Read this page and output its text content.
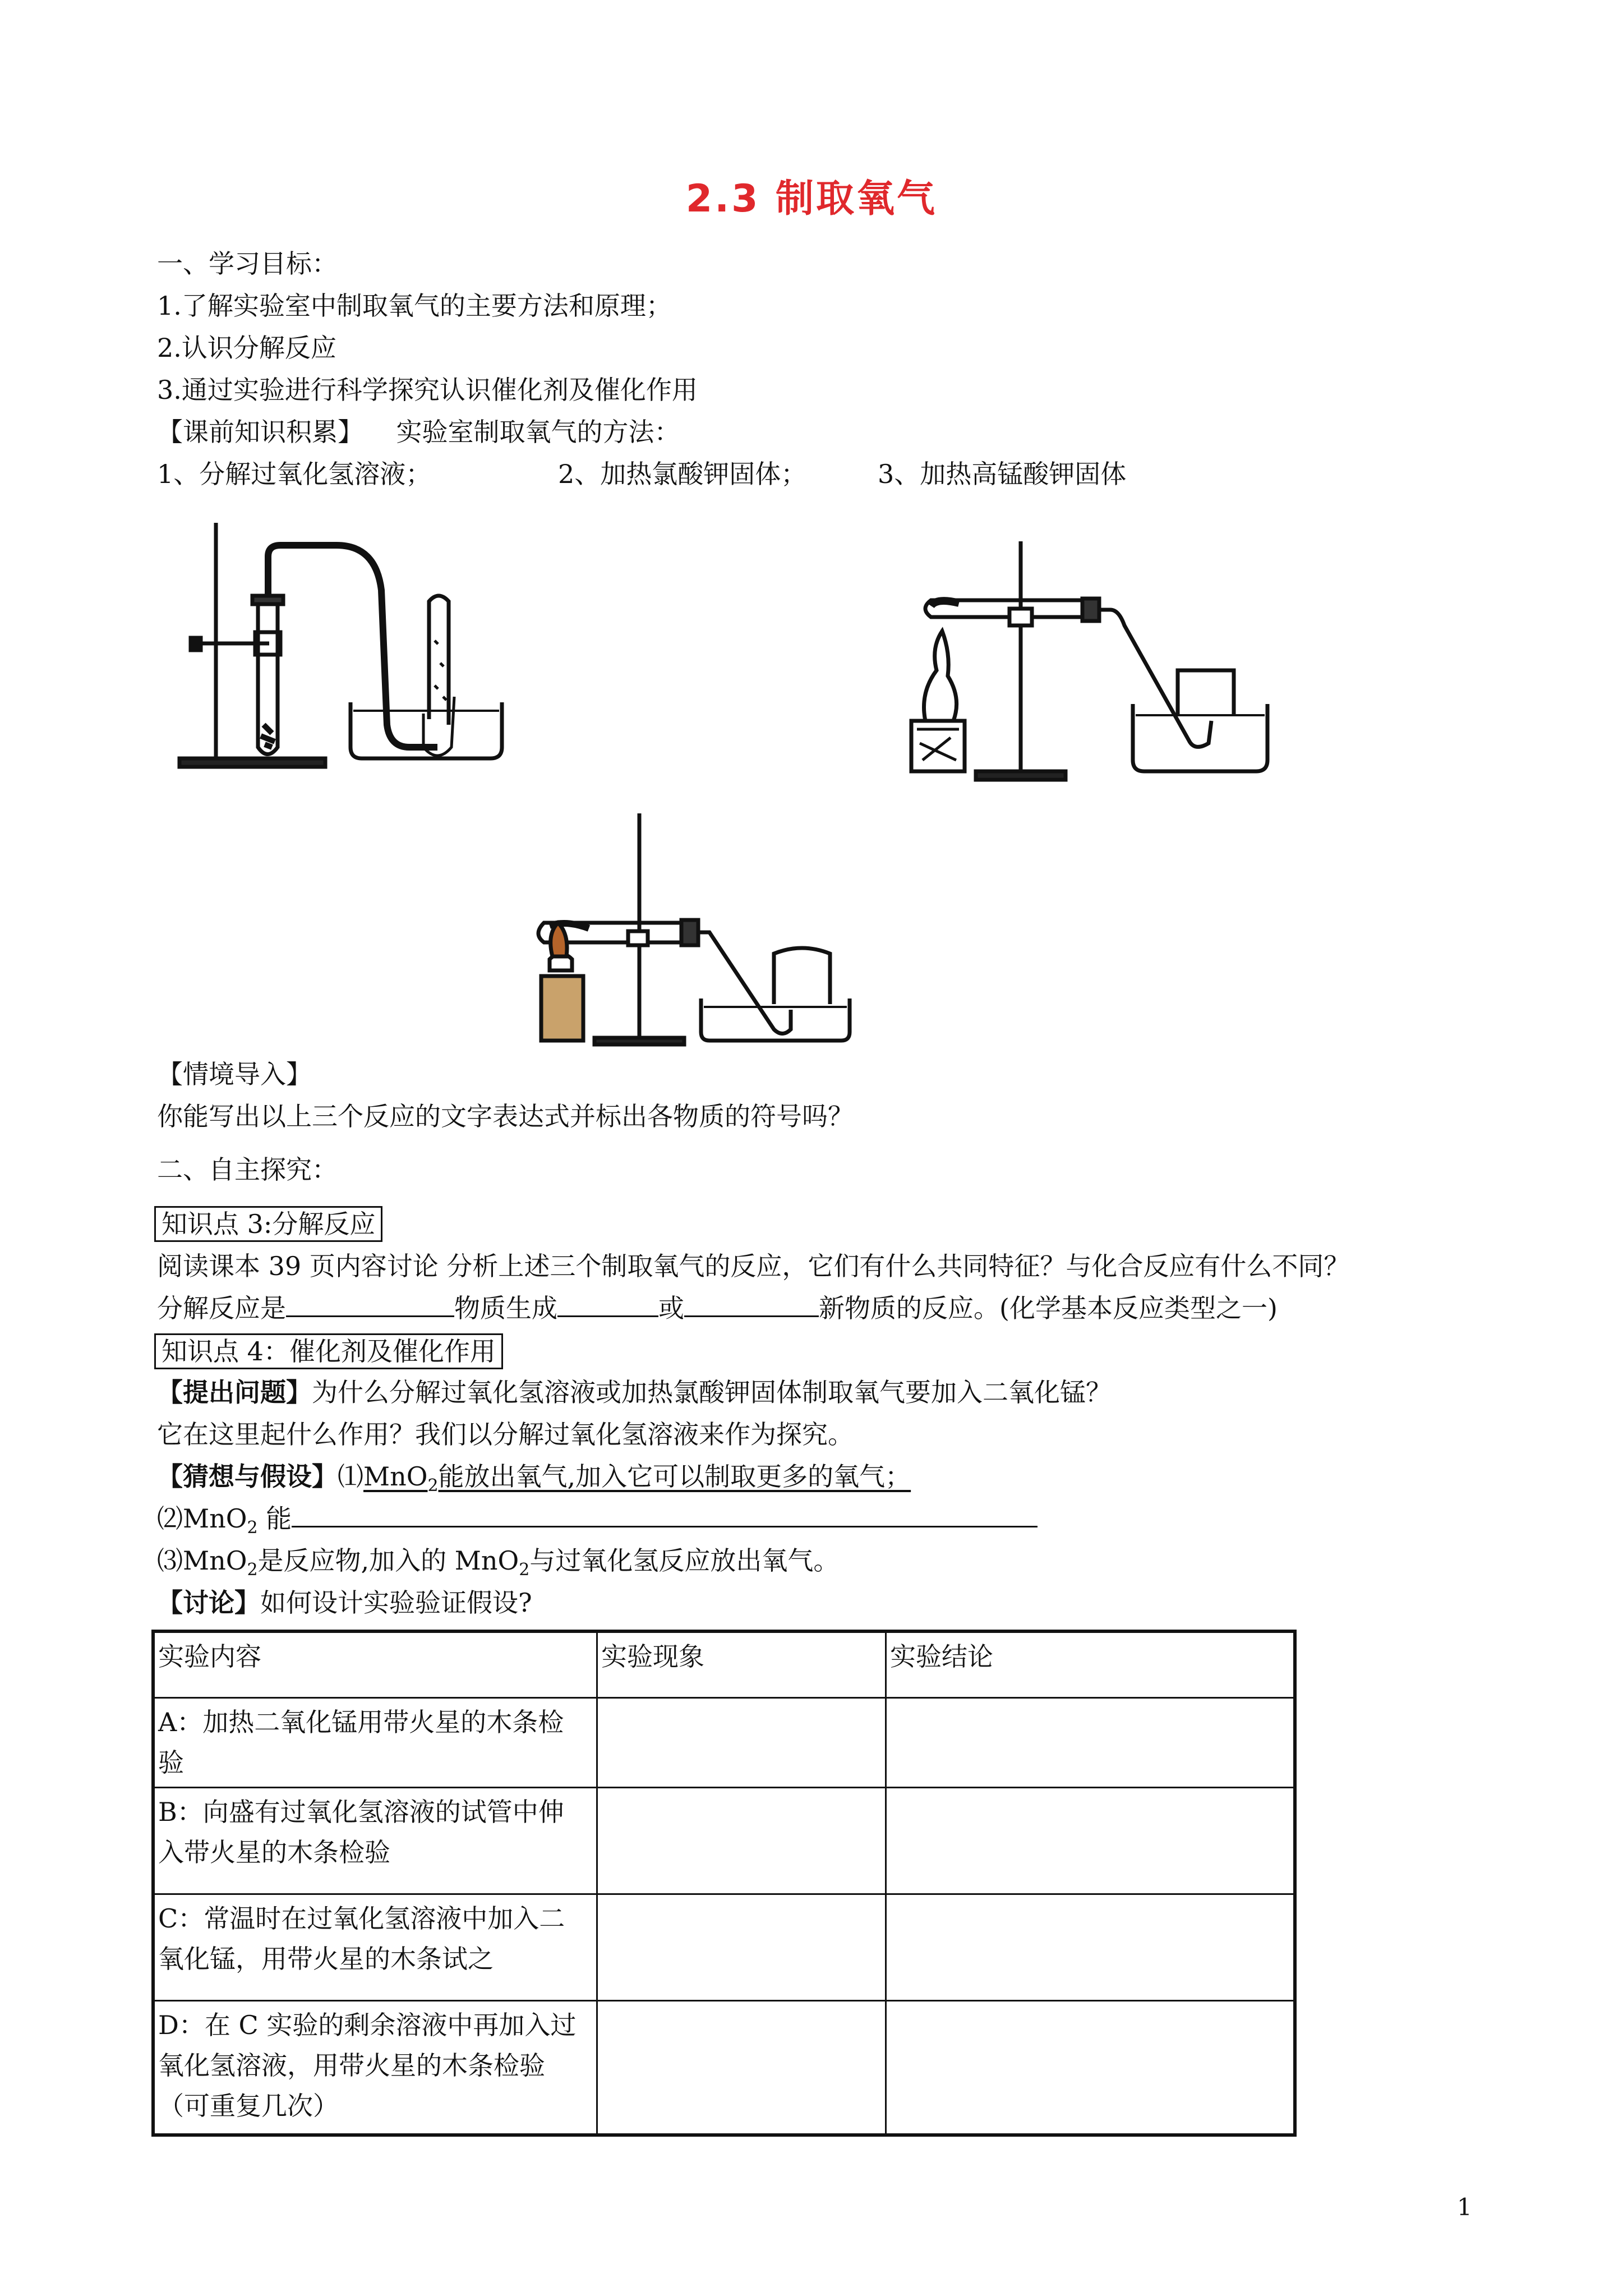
2.3 制取氧气
一、学习目标：
1.了解实验室中制取氧气的主要方法和原理；
2.认识分解反应
3.通过实验进行科学探究认识催化剂及催化作用
【课前知识积累】 实验室制取氧气的方法：
1、分解过氧化氢溶液；	2、加热氯酸钾固体；	3、加热高锰酸钾固体
【情境导入】
你能写出以上三个反应的文字表达式并标出各物质的符号吗？
二、自主探究：
知识点 3:分解反应
阅读课本 39 页内容讨论 分析上述三个制取氧气的反应，它们有什么共同特征？与化合反应有什么不同？
分解反应是	物质生成	或	新物质的反应。(化学基本反应类型之一)
知识点 4：催化剂及催化作用
【提出问题】为什么分解过氧化氢溶液或加热氯酸钾固体制取氧气要加入二氧化锰？
它在这里起什么作用？我们以分解过氧化氢溶液来作为探究。
【猜想与假设】⑴MnO$_2$能放出氧气,加入它可以制取更多的氧气；
⑵MnO$_2$ 能
⑶MnO$_2$是反应物,加入的 MnO$_2$与过氧化氢反应放出氧气。
【讨论】如何设计实验验证假设?
实验内容	实验现象	实验结论

A：加热二氧化锰用带火星的木条检
验		

B：向盛有过氧化氢溶液的试管中伸
入带火星的木条检验		

C：常温时在过氧化氢溶液中加入二
氧化锰，用带火星的木条试之		

D：在 C 实验的剩余溶液中再加入过
氧化氢溶液，用带火星的木条检验
（可重复几次）		

1
